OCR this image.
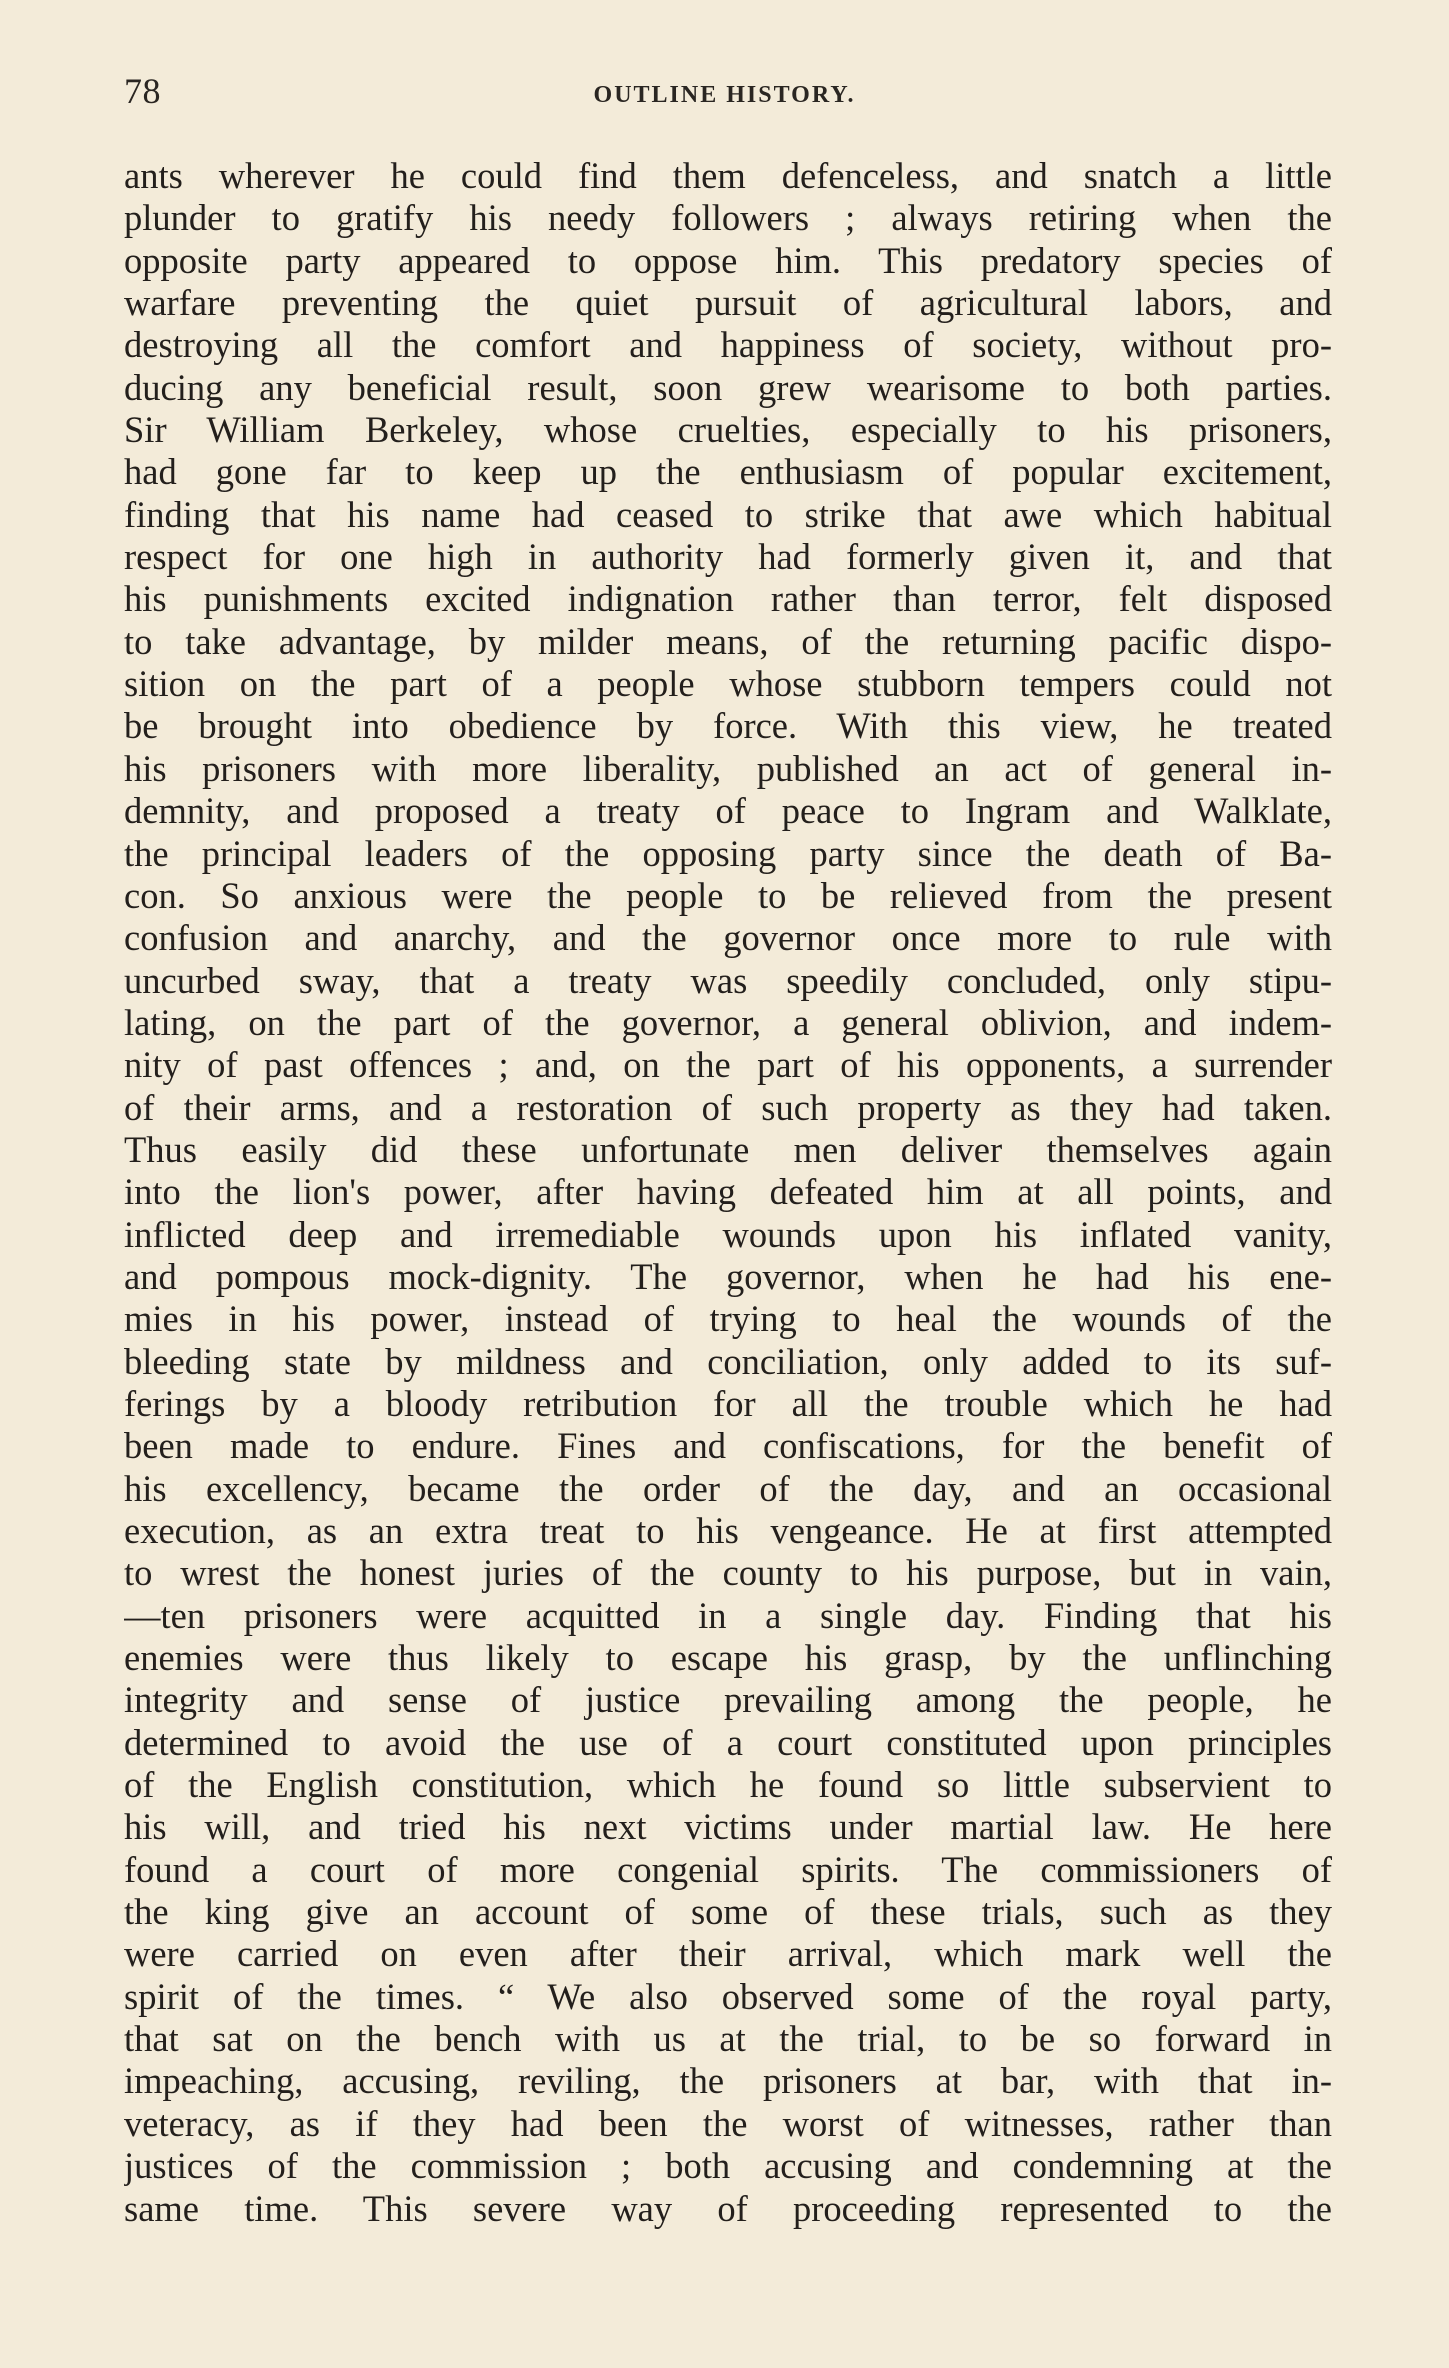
78	OUTLINE HISTORY.
ants wherever he could find them defenceless, and snatch a little
plunder to gratify his needy followers ; always retiring when the
opposite party appeared to oppose him. This predatory species of
warfare preventing the quiet pursuit of agricultural labors, and
destroying all the comfort and happiness of society, without pro-
ducing any beneficial result, soon grew wearisome to both parties.
Sir William Berkeley, whose cruelties, especially to his prisoners,
had gone far to keep up the enthusiasm of popular excitement,
finding that his name had ceased to strike that awe which habitual
respect for one high in authority had formerly given it, and that
his punishments excited indignation rather than terror, felt disposed
to take advantage, by milder means, of the returning pacific dispo-
sition on the part of a people whose stubborn tempers could not
be brought into obedience by force. With this view, he treated
his prisoners with more liberality, published an act of general in-
demnity, and proposed a treaty of peace to Ingram and Walklate,
the principal leaders of the opposing party since the death of Ba-
con. So anxious were the people to be relieved from the present
confusion and anarchy, and the governor once more to rule with
uncurbed sway, that a treaty was speedily concluded, only stipu-
lating, on the part of the governor, a general oblivion, and indem-
nity of past offences ; and, on the part of his opponents, a surrender
of their arms, and a restoration of such property as they had taken.
Thus easily did these unfortunate men deliver themselves again
into the lion's power, after having defeated him at all points, and
inflicted deep and irremediable wounds upon his inflated vanity,
and pompous mock-dignity. The governor, when he had his ene-
mies in his power, instead of trying to heal the wounds of the
bleeding state by mildness and conciliation, only added to its suf-
ferings by a bloody retribution for all the trouble which he had
been made to endure. Fines and confiscations, for the benefit of
his excellency, became the order of the day, and an occasional
execution, as an extra treat to his vengeance. He at first attempted
to wrest the honest juries of the county to his purpose, but in vain,
—ten prisoners were acquitted in a single day. Finding that his
enemies were thus likely to escape his grasp, by the unflinching
integrity and sense of justice prevailing among the people, he
determined to avoid the use of a court constituted upon principles
of the English constitution, which he found so little subservient to
his will, and tried his next victims under martial law. He here
found a court of more congenial spirits. The commissioners of
the king give an account of some of these trials, such as they
were carried on even after their arrival, which mark well the
spirit of the times. “ We also observed some of the royal party,
that sat on the bench with us at the trial, to be so forward in
impeaching, accusing, reviling, the prisoners at bar, with that in-
veteracy, as if they had been the worst of witnesses, rather than
justices of the commission ; both accusing and condemning at the
same time. This severe way of proceeding represented to the
